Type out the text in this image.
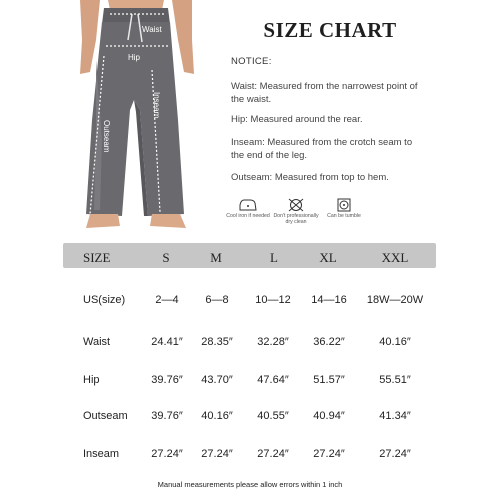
Waist
Hip
Inseam
Outseam
SIZE CHART
NOTICE:
Waist: Measured from the narrowest point of the waist.
Hip: Measured around the rear.
Inseam: Measured from the crotch seam to the end of the leg.
Outseam: Measured from top to hem.
Cool iron if needed Don't professionally dry clean
Can be tumble
SIZE	S	M	L	XL	XXL
US(size)	2—4 6—8 10—12 14—16 18W—20W
Waist	24.41″ 28.35″ 32.28″ 36.22″	40.16″
Hip	39.76″ 43.70″ 47.64″ 51.57″	55.51″
Outseam 39.76″ 40.16″ 40.55″ 40.94″	41.34″
Inseam	27.24″ 27.24″ 27.24″ 27.24″	27.24″
Manual measurements please allow errors within 1 inch
